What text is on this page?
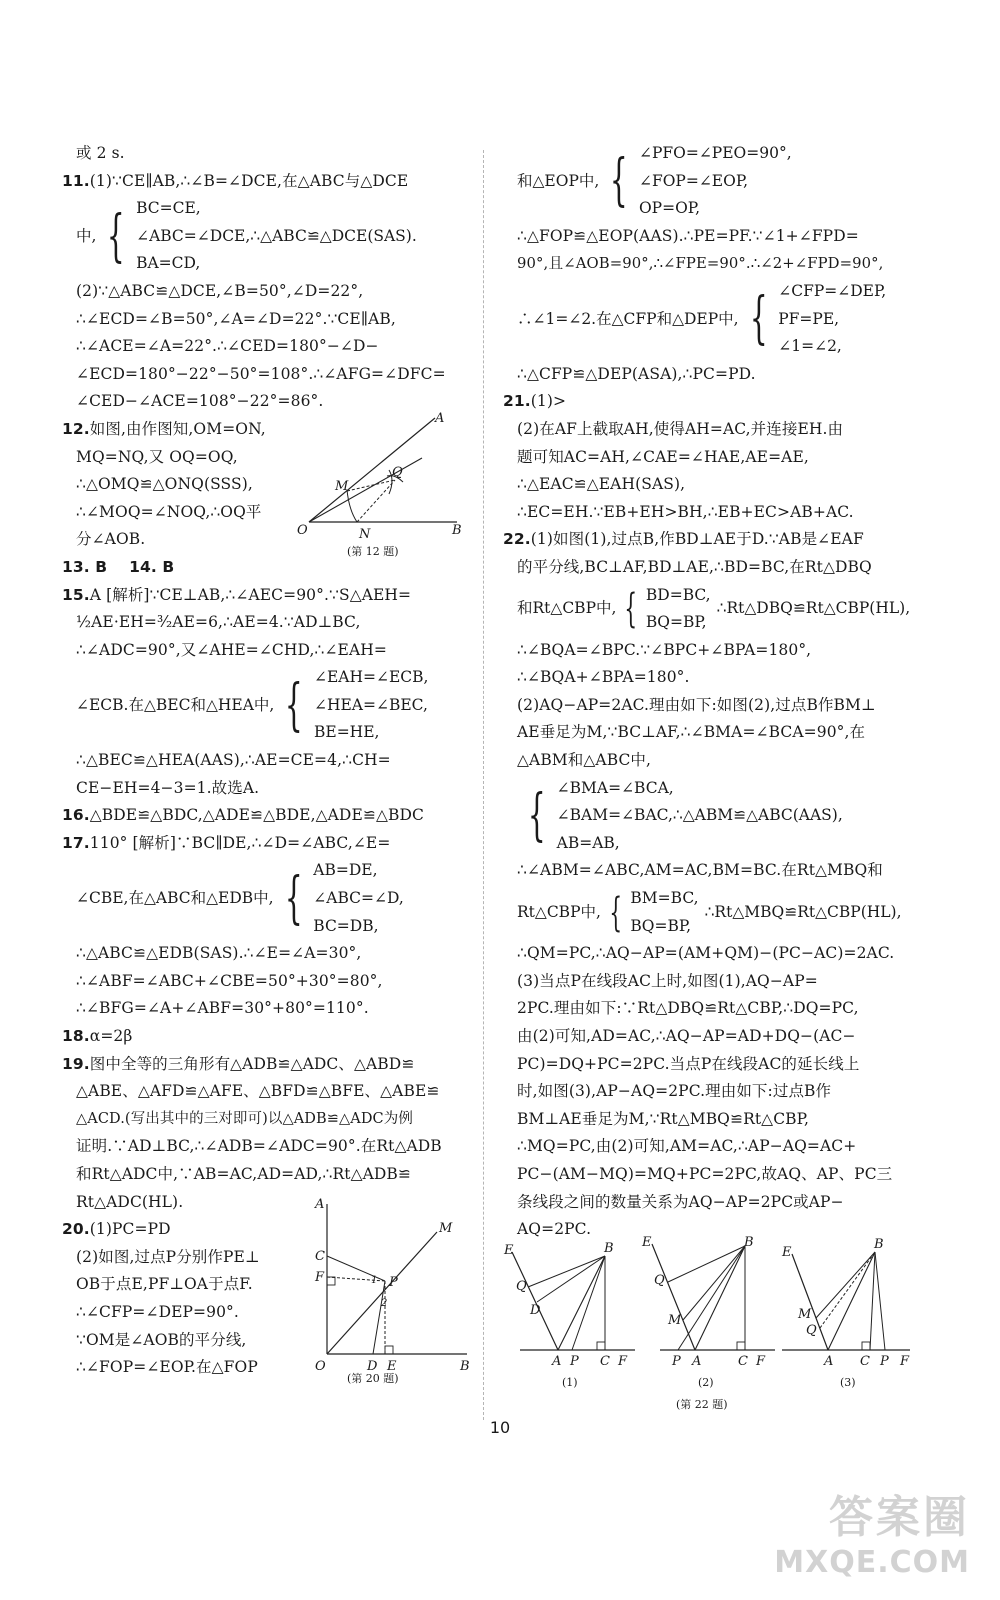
或 2 s.
11.(1)∵CE∥AB,∴∠B=∠DCE,在△ABC与△DCE
中, { BC=CE,
∠ABC=∠DCE,∴△ABC≌△DCE(SAS).
BA=CD,
(2)∵△ABC≌△DCE,∠B=50°,∠D=22°,
∴∠ECD=∠B=50°,∠A=∠D=22°.∵CE∥AB,
∴∠ACE=∠A=22°.∴∠CED=180°−∠D−
∠ECD=180°−22°−50°=108°.∴∠AFG=∠DFC=
∠CED−∠ACE=108°−22°=86°.
12.如图,由作图知,OM=ON,
MQ=NQ,又 OQ=OQ,
∴△OMQ≌△ONQ(SSS),
∴∠MOQ=∠NOQ,∴OQ平
分∠AOB.
A
B
O
M
N
Q
(第 12 题)
13. B    14. B
15.A [解析]∵CE⊥AB,∴∠AEC=90°.∵S△AEH=
½AE·EH=³⁄₂AE=6,∴AE=4.∵AD⊥BC,
∴∠ADC=90°,又∠AHE=∠CHD,∴∠EAH=
∠ECB.在△BEC和△HEA中, { ∠EAH=∠ECB,
∠HEA=∠BEC,
BE=HE,
∴△BEC≌△HEA(AAS),∴AE=CE=4,∴CH=
CE−EH=4−3=1.故选A.
16.△BDE≌△BDC,△ADE≌△BDE,△ADE≌△BDC
17.110° [解析]∵BC∥DE,∴∠D=∠ABC,∠E=
∠CBE,在△ABC和△EDB中, { AB=DE,
∠ABC=∠D,
BC=DB,
∴△ABC≌△EDB(SAS).∴∠E=∠A=30°,
∴∠ABF=∠ABC+∠CBE=50°+30°=80°,
∴∠BFG=∠A+∠ABF=30°+80°=110°.
18.α=2β
19.图中全等的三角形有△ADB≌△ADC、△ABD≌
△ABE、△AFD≌△AFE、△BFD≌△BFE、△ABE≌
△ACD.(写出其中的三对即可)以△ADB≌△ADC为例
证明.∵AD⊥BC,∴∠ADB=∠ADC=90°.在Rt△ADB
和Rt△ADC中,∵AB=AC,AD=AD,∴Rt△ADB≌
Rt△ADC(HL).
20.(1)PC=PD
(2)如图,过点P分别作PE⊥
OB于点E,PF⊥OA于点F.
∴∠CFP=∠DEP=90°.
∵OM是∠AOB的平分线,
∴∠FOP=∠EOP.在△FOP
A
B
C
D E
F
O
M
P
1
2
(第 20 题)
和△EOP中, { ∠PFO=∠PEO=90°,
∠FOP=∠EOP,
OP=OP,
∴△FOP≌△EOP(AAS).∴PE=PF.∵∠1+∠FPD=
90°,且∠AOB=90°,∴∠FPE=90°.∴∠2+∠FPD=90°,
∴∠1=∠2.在△CFP和△DEP中, { ∠CFP=∠DEP,
PF=PE,
∠1=∠2,
∴△CFP≌△DEP(ASA),∴PC=PD.
21.(1)>
(2)在AF上截取AH,使得AH=AC,并连接EH.由
题可知AC=AH,∠CAE=∠HAE,AE=AE,
∴△EAC≌△EAH(SAS),
∴EC=EH.∵EB+EH>BH,∴EB+EC>AB+AC.
22.(1)如图(1),过点B,作BD⊥AE于D.∵AB是∠EAF
的平分线,BC⊥AF,BD⊥AE,∴BD=BC,在Rt△DBQ
和Rt△CBP中, { BD=BC,
BQ=BP,
∴Rt△DBQ≌Rt△CBP(HL),
∴∠BQA=∠BPC.∵∠BPC+∠BPA=180°,
∴∠BQA+∠BPA=180°.
(2)AQ−AP=2AC.理由如下:如图(2),过点B作BM⊥
AE垂足为M,∵BC⊥AF,∴∠BMA=∠BCA=90°,在
△ABM和△ABC中,
{ ∠BMA=∠BCA,
∠BAM=∠BAC,∴△ABM≌△ABC(AAS),
AB=AB,
∴∠ABM=∠ABC,AM=AC,BM=BC.在Rt△MBQ和
Rt△CBP中, { BM=BC,
BQ=BP,
∴Rt△MBQ≌Rt△CBP(HL),
∴QM=PC,∴AQ−AP=(AM+QM)−(PC−AC)=2AC.
(3)当点P在线段AC上时,如图(1),AQ−AP=
2PC.理由如下:∵Rt△DBQ≌Rt△CBP,∴DQ=PC,
由(2)可知,AD=AC,∴AQ−AP=AD+DQ−(AC−
PC)=DQ+PC=2PC.当点P在线段AC的延长线上
时,如图(3),AP−AQ=2PC.理由如下:过点B作
BM⊥AE垂足为M,∵Rt△MBQ≌Rt△CBP,
∴MQ=PC,由(2)可知,AM=AC,∴AP−AQ=AC+
PC−(AM−MQ)=MQ+PC=2PC,故AQ、AP、PC三
条线段之间的数量关系为AQ−AP=2PC或AP−
AQ=2PC.
E
Q
D
A P C F
B
(1)
E
Q
M
P A	C F
B
(2)
E
M
Q
A C P F
B
(3)
(第 22 题)
10
答案圈
MXQE.COM
